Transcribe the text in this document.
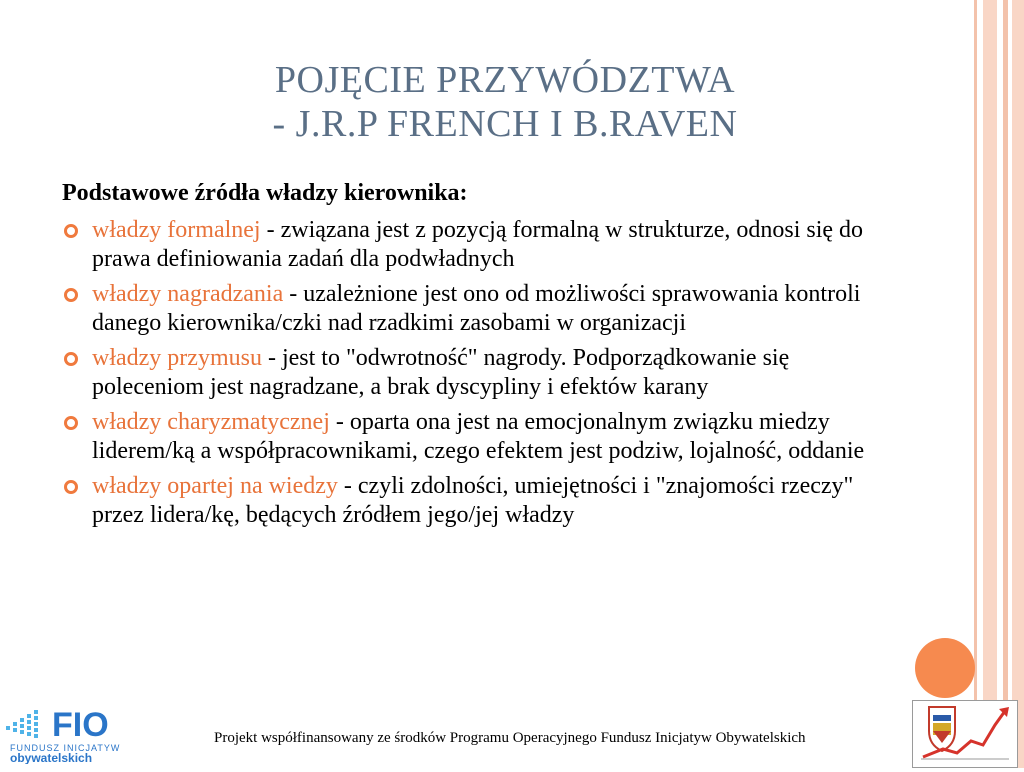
POJĘCIE PRZYWÓDZTWA
- J.R.P FRENCH I B.RAVEN
Podstawowe źródła władzy kierownika:
władzy formalnej - związana jest z pozycją formalną w strukturze, odnosi się do prawa definiowania zadań dla podwładnych
władzy nagradzania - uzależnione jest ono od możliwości sprawowania kontroli danego kierownika/czki nad rzadkimi zasobami w organizacji
władzy przymusu - jest to "odwrotność" nagrody. Podporządkowanie się poleceniom jest nagradzane, a brak dyscypliny i efektów karany
władzy charyzmatycznej - oparta ona jest na emocjonalnym związku miedzy liderem/ką a współpracownikami, czego efektem jest podziw, lojalność, oddanie
władzy opartej na wiedzy - czyli zdolności, umiejętności i "znajomości rzeczy" przez lidera/kę, będących źródłem jego/jej władzy
FIO
FUNDUSZ INICJATYW
obywatelskich
Projekt współfinansowany ze środków Programu Operacyjnego Fundusz Inicjatyw Obywatelskich
